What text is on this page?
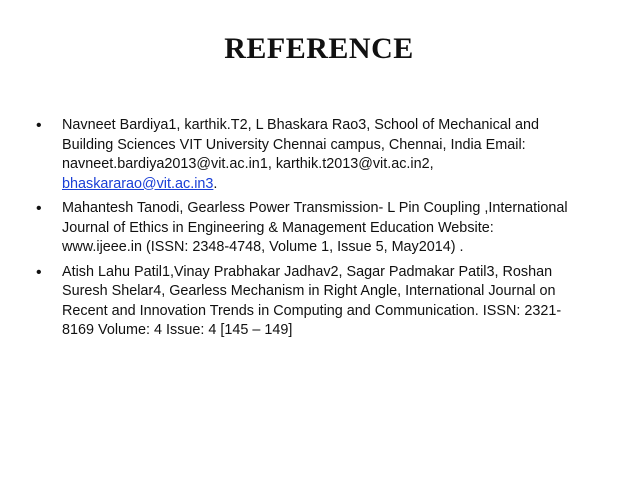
REFERENCE
• Navneet Bardiya1, karthik.T2, L Bhaskara Rao3, School of Mechanical and
Building Sciences VIT University Chennai campus, Chennai, India Email:
navneet.bardiya2013@vit.ac.in1, karthik.t2013@vit.ac.in2,
bhaskararao@vit.ac.in3.
• Mahantesh Tanodi, Gearless Power Transmission- L Pin Coupling ,International
Journal of Ethics in Engineering & Management Education Website:
www.ijeee.in (ISSN: 2348-4748, Volume 1, Issue 5, May2014) .
• Atish Lahu Patil1,Vinay Prabhakar Jadhav2, Sagar Padmakar Patil3, Roshan
Suresh Shelar4, Gearless Mechanism in Right Angle, International Journal on
Recent and Innovation Trends in Computing and Communication. ISSN: 2321-
8169 Volume: 4 Issue: 4 [145 – 149]
